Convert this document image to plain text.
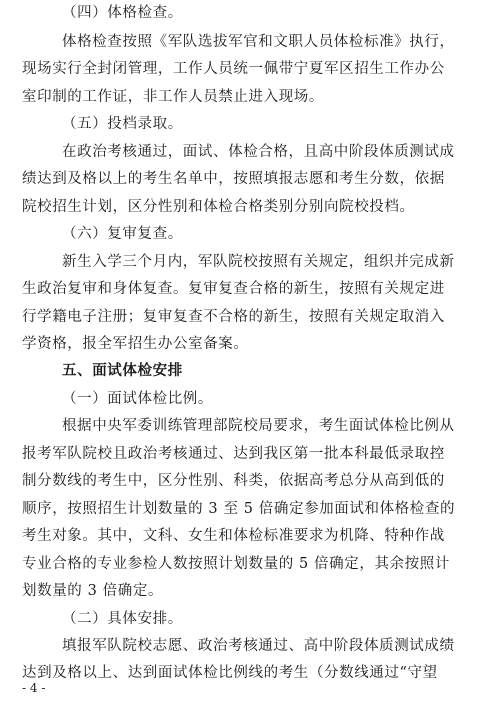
（四）体格检查。
体格检查按照《军队选拔军官和文职人员体检标准》执行，
现场实行全封闭管理，工作人员统一佩带宁夏军区招生工作办公
室印制的工作证，非工作人员禁止进入现场。
（五）投档录取。
在政治考核通过，面试、体检合格，且高中阶段体质测试成
绩达到及格以上的考生名单中，按照填报志愿和考生分数，依据
院校招生计划，区分性别和体检合格类别分别向院校投档。
（六）复审复查。
新生入学三个月内，军队院校按照有关规定，组织并完成新
生政治复审和身体复查。复审复查合格的新生，按照有关规定进
行学籍电子注册；复审复查不合格的新生，按照有关规定取消入
学资格，报全军招生办公室备案。
五、面试体检安排
（一）面试体检比例。
根据中央军委训练管理部院校局要求，考生面试体检比例从
报考军队院校且政治考核通过、达到我区第一批本科最低录取控
制分数线的考生中，区分性别、科类，依据高考总分从高到低的
顺序，按照招生计划数量的 3 至 5 倍确定参加面试和体格检查的
考生对象。其中，文科、女生和体检标准要求为机降、特种作战
专业合格的专业参检人数按照计划数量的 5 倍确定，其余按照计
划数量的 3 倍确定。
（二）具体安排。
填报军队院校志愿、政治考核通过、高中阶段体质测试成绩
达到及格以上、达到面试体检比例线的考生（分数线通过“守望
- 4 -
